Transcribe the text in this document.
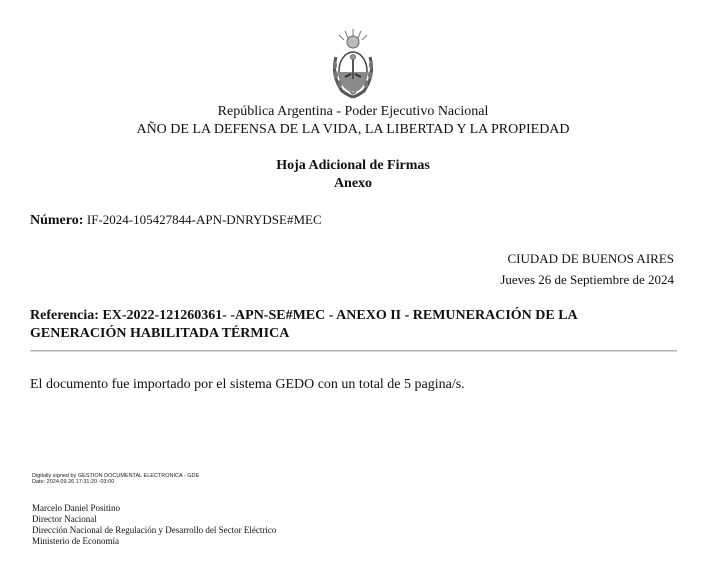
República Argentina - Poder Ejecutivo Nacional
AÑO DE LA DEFENSA DE LA VIDA, LA LIBERTAD Y LA PROPIEDAD
Hoja Adicional de Firmas
Anexo
Número: IF-2024-105427844-APN-DNRYDSE#MEC
CIUDAD DE BUENOS AIRES
Jueves 26 de Septiembre de 2024
Referencia: EX-2022-121260361- -APN-SE#MEC - ANEXO II - REMUNERACIÓN DE LA GENERACIÓN HABILITADA TÉRMICA
El documento fue importado por el sistema GEDO con un total de 5 pagina/s.
Digitally signed by GESTION DOCUMENTAL ELECTRONICA - GDE
Date: 2024.09.26 17:31:20 -03:00
Marcelo Daniel Positino
Director Nacional
Dirección Nacional de Regulación y Desarrollo del Sector Eléctrico
Ministerio de Economía
